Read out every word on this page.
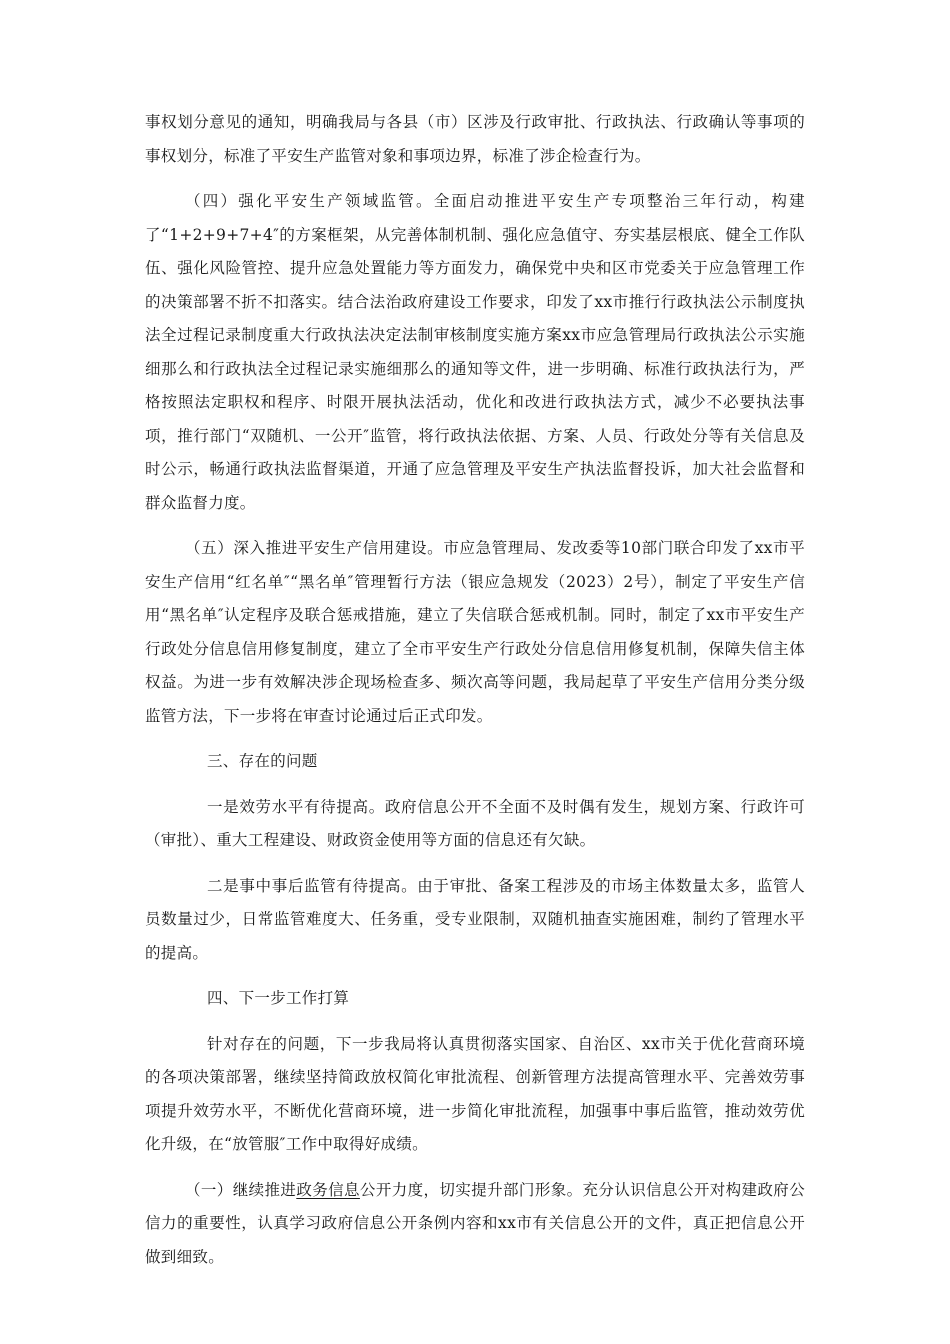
事权划分意见的通知，明确我局与各县（市）区涉及行政审批、行政执法、行政确认等事项的事权划分，标准了平安生产监管对象和事项边界，标准了涉企检查行为。

（四）强化平安生产领域监管。全面启动推进平安生产专项整治三年行动，构建了“1+2+9+7+4″的方案框架，从完善体制机制、强化应急值守、夯实基层根底、健全工作队伍、强化风险管控、提升应急处置能力等方面发力，确保党中央和区市党委关于应急管理工作的决策部署不折不扣落实。结合法治政府建设工作要求，印发了xx市推行行政执法公示制度执法全过程记录制度重大行政执法决定法制审核制度实施方案xx市应急管理局行政执法公示实施细那么和行政执法全过程记录实施细那么的通知等文件，进一步明确、标准行政执法行为，严格按照法定职权和程序、时限开展执法活动，优化和改进行政执法方式，减少不必要执法事项，推行部门“双随机、一公开″监管，将行政执法依据、方案、人员、行政处分等有关信息及时公示，畅通行政执法监督渠道，开通了应急管理及平安生产执法监督投诉，加大社会监督和群众监督力度。

（五）深入推进平安生产信用建设。市应急管理局、发改委等10部门联合印发了xx市平安生产信用“红名单″“黑名单″管理暂行方法（银应急规发（2023）2号），制定了平安生产信用“黑名单″认定程序及联合惩戒措施，建立了失信联合惩戒机制。同时，制定了xx市平安生产行政处分信息信用修复制度，建立了全市平安生产行政处分信息信用修复机制，保障失信主体权益。为进一步有效解决涉企现场检查多、频次高等问题，我局起草了平安生产信用分类分级监管方法，下一步将在审查讨论通过后正式印发。

三、存在的问题

一是效劳水平有待提高。政府信息公开不全面不及时偶有发生，规划方案、行政许可（审批）、重大工程建设、财政资金使用等方面的信息还有欠缺。

二是事中事后监管有待提高。由于审批、备案工程涉及的市场主体数量太多，监管人员数量过少，日常监管难度大、任务重，受专业限制，双随机抽查实施困难，制约了管理水平的提高。

四、下一步工作打算

针对存在的问题，下一步我局将认真贯彻落实国家、自治区、xx市关于优化营商环境的各项决策部署，继续坚持简政放权简化审批流程、创新管理方法提高管理水平、完善效劳事项提升效劳水平，不断优化营商环境，进一步简化审批流程，加强事中事后监管，推动效劳优化升级，在“放管服″工作中取得好成绩。

（一）继续推进政务信息公开力度，切实提升部门形象。充分认识信息公开对构建政府公信力的重要性，认真学习政府信息公开条例内容和xx市有关信息公开的文件，真正把信息公开做到细致。
